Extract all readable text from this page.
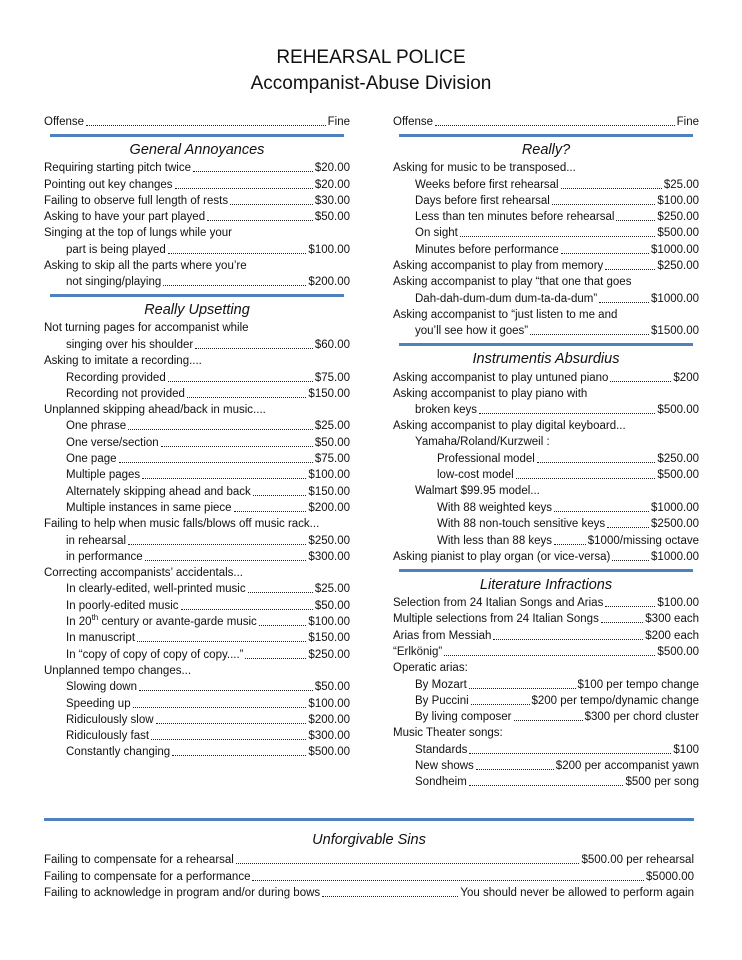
REHEARSAL POLICE
Accompanist-Abuse Division
Offense	Fine
General Annoyances
Requiring starting pitch twice	$20.00
Pointing out key changes	$20.00
Failing to observe full length of rests	$30.00
Asking to have your part played	$50.00
Singing at the top of lungs while your
part is being played	$100.00
Asking to skip all the parts where you’re
not singing/playing	$200.00
Really Upsetting
Not turning pages for accompanist while
singing over his shoulder	$60.00
Asking to imitate a recording....
Recording provided	$75.00
Recording not provided	$150.00
Unplanned skipping ahead/back in music....
One phrase	$25.00
One verse/section	$50.00
One page	$75.00
Multiple pages	$100.00
Alternately skipping ahead and back	$150.00
Multiple instances in same piece	$200.00
Failing to help when music falls/blows off music rack...
in rehearsal	$250.00
in performance	$300.00
Correcting accompanists’ accidentals...
In clearly-edited, well-printed music	$25.00
In poorly-edited music	$50.00
In 20th century or avante-garde music	$100.00
In manuscript	$150.00
In “copy of copy of copy of copy....”	$250.00
Unplanned tempo changes...
Slowing down	$50.00
Speeding up	$100.00
Ridiculously slow	$200.00
Ridiculously fast	$300.00
Constantly changing	$500.00
Offense	Fine
Really?
Asking for music to be transposed...
Weeks before first rehearsal	$25.00
Days before first rehearsal	$100.00
Less than ten minutes before rehearsal	$250.00
On sight	$500.00
Minutes before performance	$1000.00
Asking accompanist to play from memory	$250.00
Asking accompanist to play “that one that goes
Dah-dah-dum-dum dum-ta-da-dum”	$1000.00
Asking accompanist to “just listen to me and
you’ll see how it goes”	$1500.00
Instrumentis Absurdius
Asking accompanist to play untuned piano	$200
Asking accompanist to play piano with
broken keys	$500.00
Asking accompanist to play digital keyboard...
Yamaha/Roland/Kurzweil :
Professional model	$250.00
low-cost model	$500.00
Walmart $99.95 model...
With 88 weighted keys	$1000.00
With 88 non-touch sensitive keys	$2500.00
With less than 88 keys	$1000/missing octave
Asking pianist to play organ (or vice-versa)	$1000.00
Literature Infractions
Selection from 24 Italian Songs and Arias	$100.00
Multiple selections from 24 Italian Songs	$300 each
Arias from Messiah	$200 each
“Erlkönig”	$500.00
Operatic arias:
By Mozart	$100 per tempo change
By Puccini	$200 per tempo/dynamic change
By living composer	$300 per chord cluster
Music Theater songs:
Standards	$100
New shows	$200 per accompanist yawn
Sondheim	$500 per song
Unforgivable Sins
Failing to compensate for a rehearsal	$500.00 per rehearsal
Failing to compensate for a performance	$5000.00
Failing to acknowledge in program and/or during bows	You should never be allowed to perform again
